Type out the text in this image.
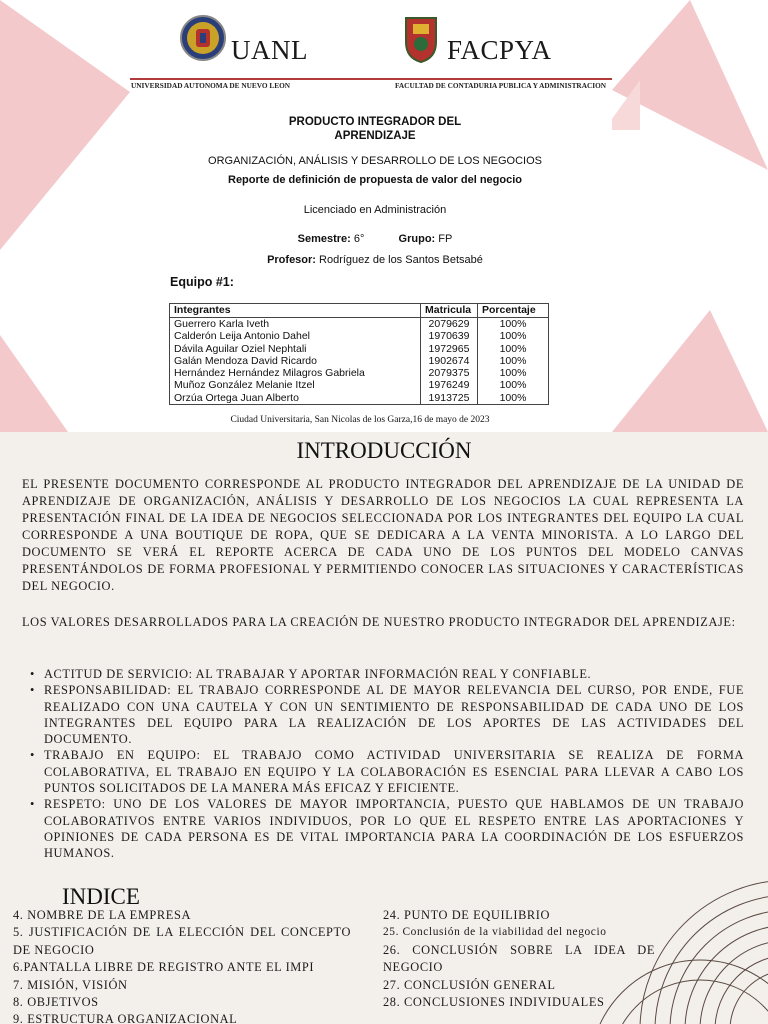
UANL	FACPYA
UNIVERSIDAD AUTONOMA DE NUEVO LEON	FACULTAD DE CONTADURIA PUBLICA Y ADMINISTRACION
PRODUCTO INTEGRADOR DEL
APRENDIZAJE
ORGANIZACIÓN, ANÁLISIS Y DESARROLLO DE LOS NEGOCIOS
Reporte de definición de propuesta de valor del negocio
Licenciado en Administración
Semestre: 6°	Grupo: FP
Profesor: Rodríguez de los Santos Betsabé
Equipo #1:
Integrantes	Matricula	Porcentaje
Guerrero Karla Iveth	2079629	100%
Calderón Leija Antonio Dahel	1970639	100%
Dávila Aguilar Oziel Nephtali	1972965	100%
Galán Mendoza David Ricardo	1902674	100%
Hernández Hernández Milagros Gabriela	2079375	100%
Muñoz González Melanie Itzel	1976249	100%
Orzúa Ortega Juan Alberto	1913725	100%
Ciudad Universitaria, San Nicolas de los Garza,16 de mayo de 2023
INTRODUCCIÓN

EL PRESENTE DOCUMENTO CORRESPONDE AL PRODUCTO INTEGRADOR DEL APRENDIZAJE DE LA UNIDAD DE APRENDIZAJE DE ORGANIZACIÓN, ANÁLISIS Y DESARROLLO DE LOS NEGOCIOS LA CUAL REPRESENTA LA PRESENTACIÓN FINAL DE LA IDEA DE NEGOCIOS SELECCIONADA POR LOS INTEGRANTES DEL EQUIPO LA CUAL CORRESPONDE A UNA BOUTIQUE DE ROPA, QUE SE DEDICARA A LA VENTA MINORISTA. A LO LARGO DEL DOCUMENTO SE VERÁ EL REPORTE ACERCA DE CADA UNO DE LOS PUNTOS DEL MODELO CANVAS PRESENTÁNDOLOS DE FORMA PROFESIONAL Y PERMITIENDO CONOCER LAS SITUACIONES Y CARACTERÍSTICAS DEL NEGOCIO.

LOS VALORES DESARROLLADOS PARA LA CREACIÓN DE NUESTRO PRODUCTO INTEGRADOR DEL APRENDIZAJE:

• ACTITUD DE SERVICIO: AL TRABAJAR Y APORTAR INFORMACIÓN REAL Y CONFIABLE.
• RESPONSABILIDAD: EL TRABAJO CORRESPONDE AL DE MAYOR RELEVANCIA DEL CURSO, POR ENDE, FUE REALIZADO CON UNA CAUTELA Y CON UN SENTIMIENTO DE RESPONSABILIDAD DE CADA UNO DE LOS INTEGRANTES DEL EQUIPO PARA LA REALIZACIÓN DE LOS APORTES DE LAS ACTIVIDADES DEL DOCUMENTO.
• TRABAJO EN EQUIPO: EL TRABAJO COMO ACTIVIDAD UNIVERSITARIA SE REALIZA DE FORMA COLABORATIVA, EL TRABAJO EN EQUIPO Y LA COLABORACIÓN ES ESENCIAL PARA LLEVAR A CABO LOS PUNTOS SOLICITADOS DE LA MANERA MÁS EFICAZ Y EFICIENTE.
• RESPETO: UNO DE LOS VALORES DE MAYOR IMPORTANCIA, PUESTO QUE HABLAMOS DE UN TRABAJO COLABORATIVOS ENTRE VARIOS INDIVIDUOS, POR LO QUE EL RESPETO ENTRE LAS APORTACIONES Y OPINIONES DE CADA PERSONA ES DE VITAL IMPORTANCIA PARA LA COORDINACIÓN DE LOS ESFUERZOS HUMANOS.
INDICE
4. NOMBRE DE LA EMPRESA
5. JUSTIFICACIÓN DE LA ELECCIÓN DEL CONCEPTO DE NEGOCIO
6.PANTALLA LIBRE DE REGISTRO ANTE EL IMPI
7. MISIÓN, VISIÓN
8. OBJETIVOS
9. ESTRUCTURA ORGANIZACIONAL
24. PUNTO DE EQUILIBRIO
25. Conclusión de la viabilidad del negocio
26. CONCLUSIÓN SOBRE LA IDEA DE NEGOCIO
27. CONCLUSIÓN GENERAL
28. CONCLUSIONES INDIVIDUALES
